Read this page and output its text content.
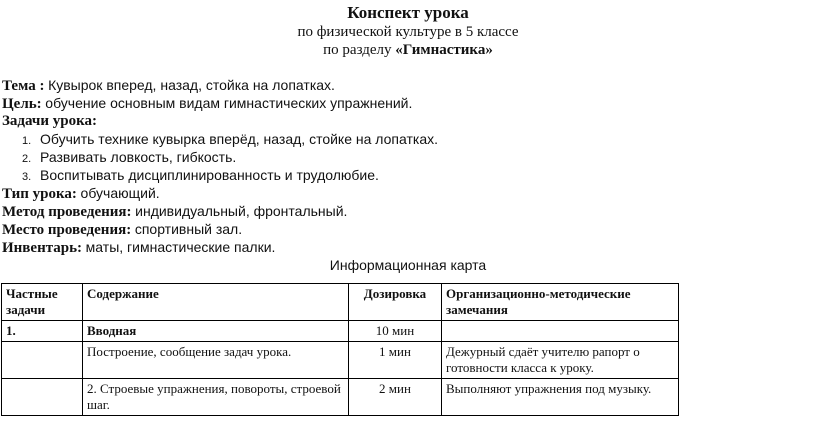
Конспект урока
по физической культуре в 5 классе
по разделу «Гимнастика»
Тема : Кувырок вперед, назад, стойка на лопатках.
Цель: обучение основным видам гимнастических упражнений.
Задачи урока:
1. Обучить технике кувырка вперёд, назад, стойке на лопатках.
2. Развивать ловкость, гибкость.
3. Воспитывать дисциплинированность и трудолюбие.
Тип урока: обучающий.
Метод проведения: индивидуальный, фронтальный.
Место проведения: спортивный зал.
Инвентарь: маты, гимнастические палки.
Информационная карта
Частные задачи	Содержание	Дозировка	Организационно-методические замечания
1.	Вводная	10 мин	
	Построение, сообщение задач урока.	1 мин	Дежурный сдаёт учителю рапорт о готовности класса к уроку.
	2. Строевые упражнения, повороты, строевой шаг.	2 мин	Выполняют упражнения под музыку.
